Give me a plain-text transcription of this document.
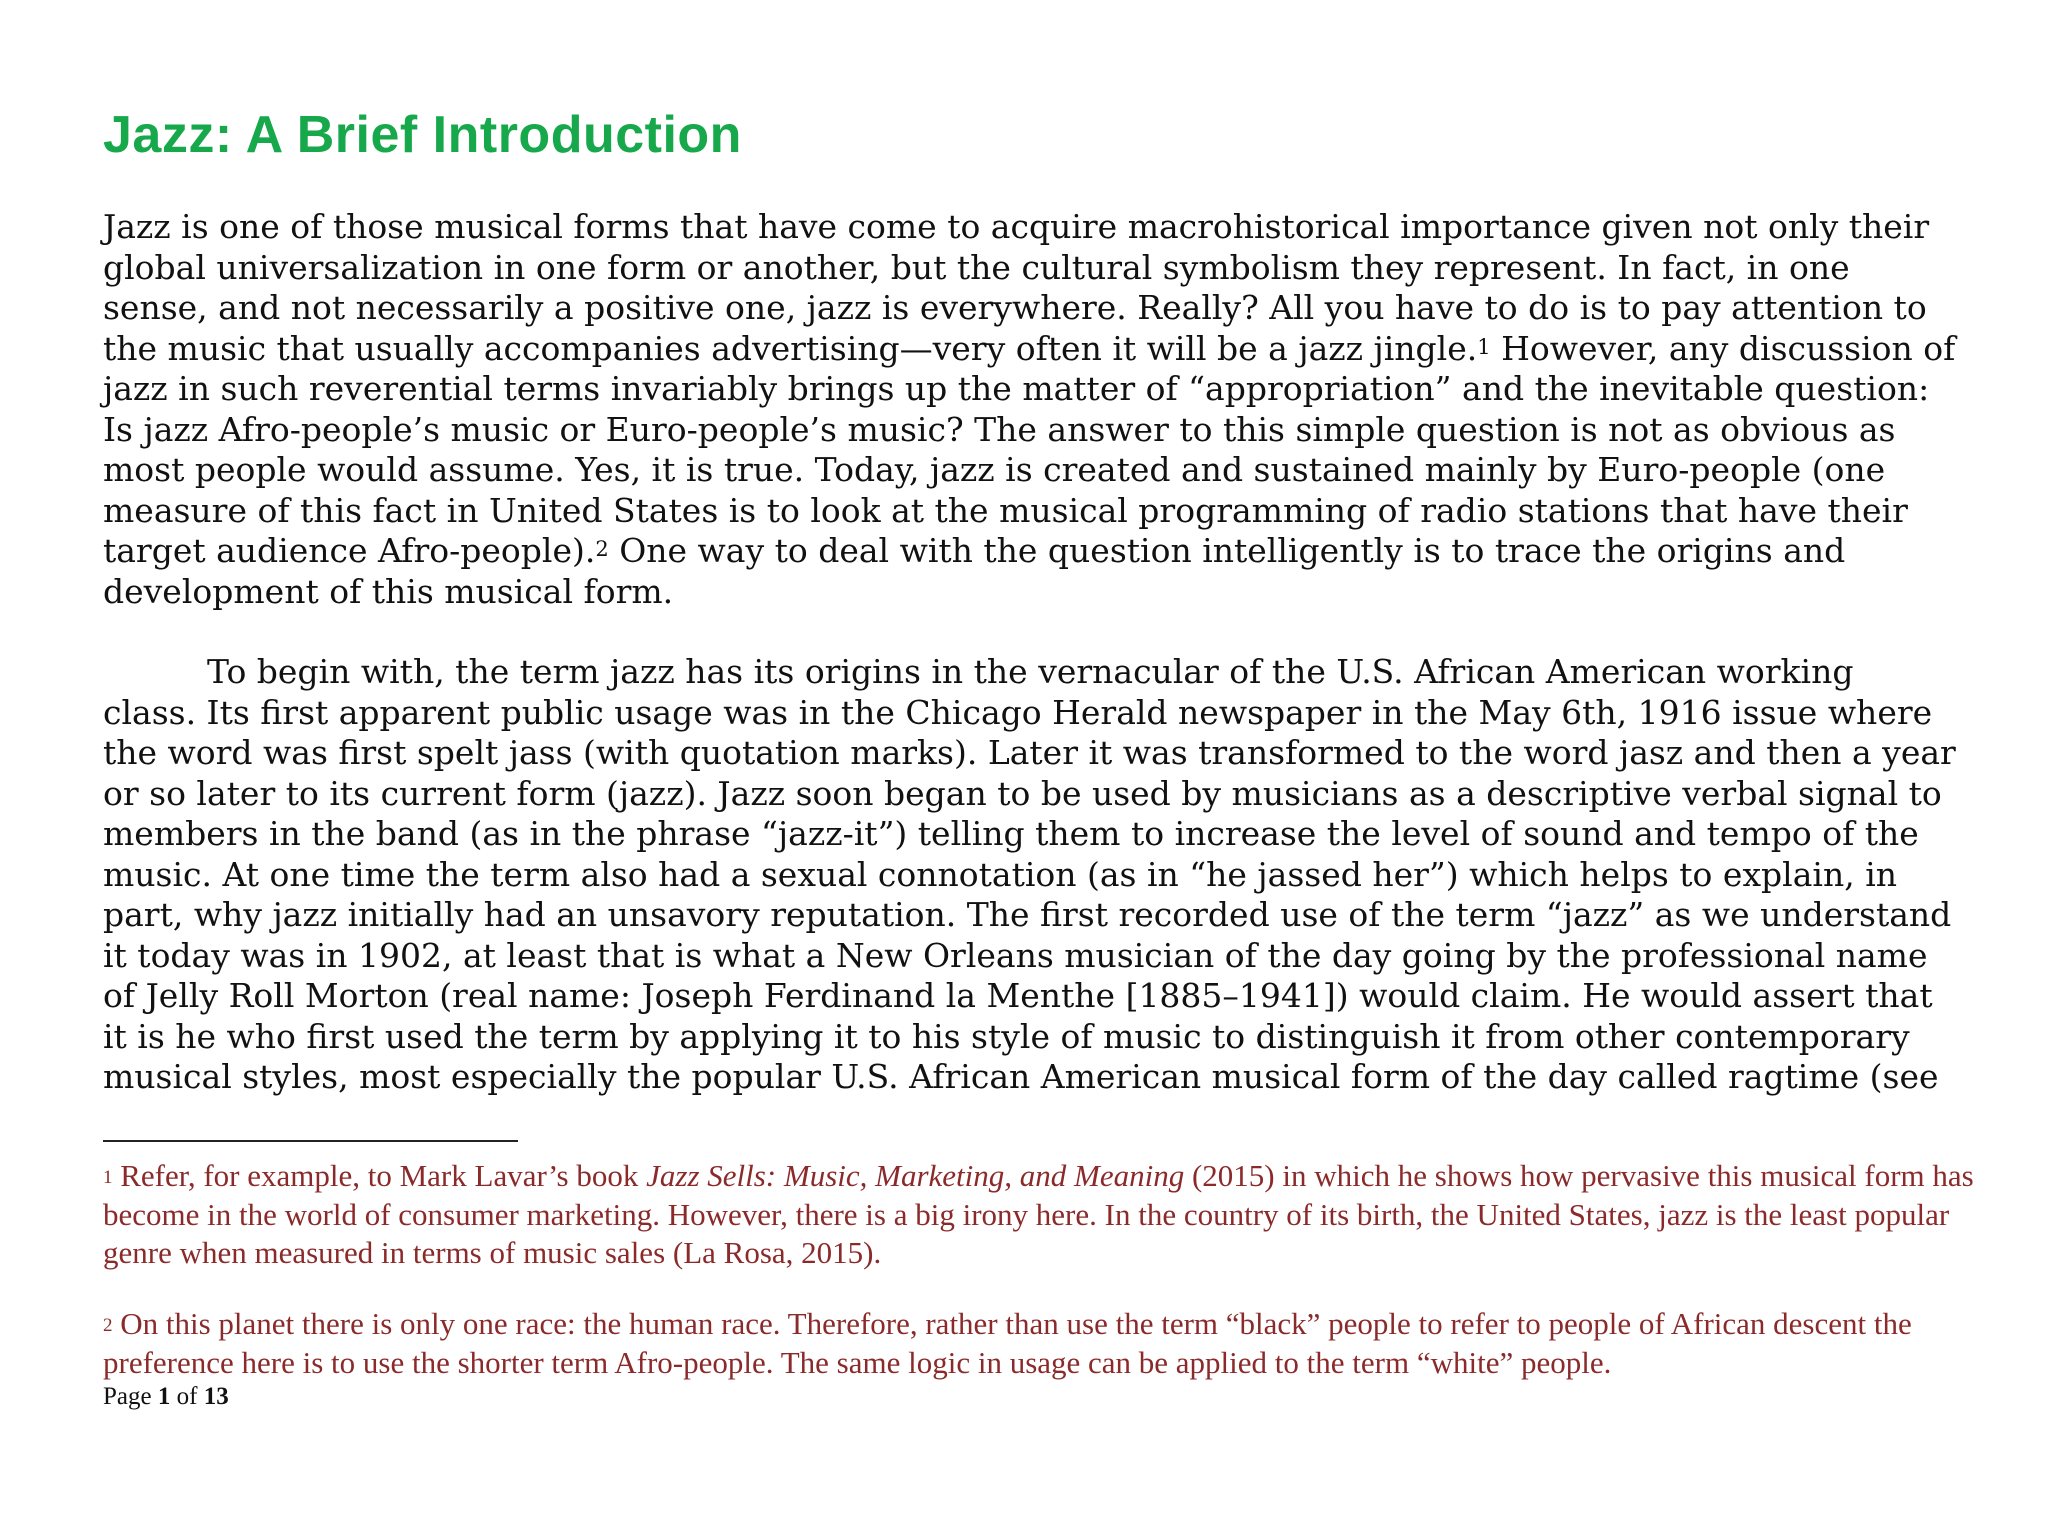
Jazz: A Brief Introduction
Jazz is one of those musical forms that have come to acquire macrohistorical importance given not only their
global universalization in one form or another, but the cultural symbolism they represent. In fact, in one
sense, and not necessarily a positive one, jazz is everywhere. Really? All you have to do is to pay attention to
the music that usually accompanies advertising—very often it will be a jazz jingle.$^1$ However, any discussion of
jazz in such reverential terms invariably brings up the matter of “appropriation” and the inevitable question:
Is jazz Afro-people’s music or Euro-people’s music? The answer to this simple question is not as obvious as
most people would assume. Yes, it is true. Today, jazz is created and sustained mainly by Euro-people (one
measure of this fact in United States is to look at the musical programming of radio stations that have their
target audience Afro-people).$^2$ One way to deal with the question intelligently is to trace the origins and
development of this musical form.
To begin with, the term jazz has its origins in the vernacular of the U.S. African American working
class. Its first apparent public usage was in the Chicago Herald newspaper in the May 6th, 1916 issue where
the word was first spelt jass (with quotation marks). Later it was transformed to the word jasz and then a year
or so later to its current form (jazz). Jazz soon began to be used by musicians as a descriptive verbal signal to
members in the band (as in the phrase “jazz-it”) telling them to increase the level of sound and tempo of the
music. At one time the term also had a sexual connotation (as in “he jassed her”) which helps to explain, in
part, why jazz initially had an unsavory reputation. The first recorded use of the term “jazz” as we understand
it today was in 1902, at least that is what a New Orleans musician of the day going by the professional name
of Jelly Roll Morton (real name: Joseph Ferdinand la Menthe [1885–1941]) would claim. He would assert that
it is he who first used the term by applying it to his style of music to distinguish it from other contemporary
musical styles, most especially the popular U.S. African American musical form of the day called ragtime (see
$^1$ Refer, for example, to Mark Lavar’s book Jazz Sells: Music, Marketing, and Meaning (2015) in which he shows how pervasive this musical form has
become in the world of consumer marketing. However, there is a big irony here. In the country of its birth, the United States, jazz is the least popular
genre when measured in terms of music sales (La Rosa, 2015).
$^2$ On this planet there is only one race: the human race. Therefore, rather than use the term “black” people to refer to people of African descent the
preference here is to use the shorter term Afro-people. The same logic in usage can be applied to the term “white” people.
Page 1 of 13
